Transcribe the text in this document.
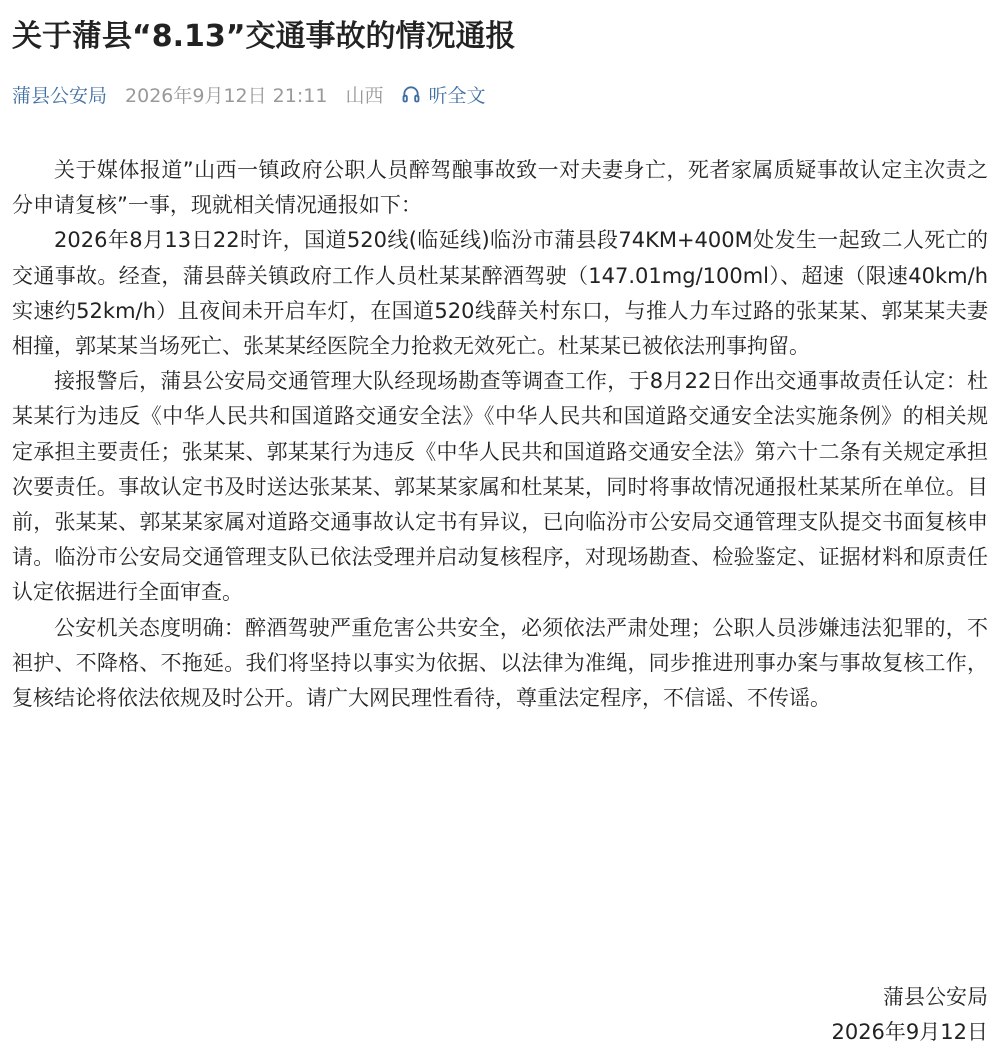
关于蒲县“8.13”交通事故的情况通报
蒲县公安局 2026年9月12日 21:11 山西 听全文

关于媒体报道”山西一镇政府公职人员醉驾酿事故致一对夫妻身亡，死者家属质疑事故认定主次责之分申请复核”一事，现就相关情况通报如下：

2026年8月13日22时许，国道520线(临延线)临汾市蒲县段74KM+400M处发生一起致二人死亡的交通事故。经查，蒲县薛关镇政府工作人员杜某某醉酒驾驶（147.01mg/100ml）、超速（限速40km/h实速约52km/h）且夜间未开启车灯，在国道520线薛关村东口，与推人力车过路的张某某、郭某某夫妻相撞，郭某某当场死亡、张某某经医院全力抢救无效死亡。杜某某已被依法刑事拘留。

接报警后，蒲县公安局交通管理大队经现场勘查等调查工作，于8月22日作出交通事故责任认定：杜某某行为违反《中华人民共和国道路交通安全法》《中华人民共和国道路交通安全法实施条例》的相关规定承担主要责任；张某某、郭某某行为违反《中华人民共和国道路交通安全法》第六十二条有关规定承担次要责任。事故认定书及时送达张某某、郭某某家属和杜某某，同时将事故情况通报杜某某所在单位。目前，张某某、郭某某家属对道路交通事故认定书有异议，已向临汾市公安局交通管理支队提交书面复核申请。临汾市公安局交通管理支队已依法受理并启动复核程序，对现场勘查、检验鉴定、证据材料和原责任认定依据进行全面审查。

公安机关态度明确：醉酒驾驶严重危害公共安全，必须依法严肃处理；公职人员涉嫌违法犯罪的，不袒护、不降格、不拖延。我们将坚持以事实为依据、以法律为准绳，同步推进刑事办案与事故复核工作，复核结论将依法依规及时公开。请广大网民理性看待，尊重法定程序，不信谣、不传谣。

蒲县公安局
2026年9月12日
